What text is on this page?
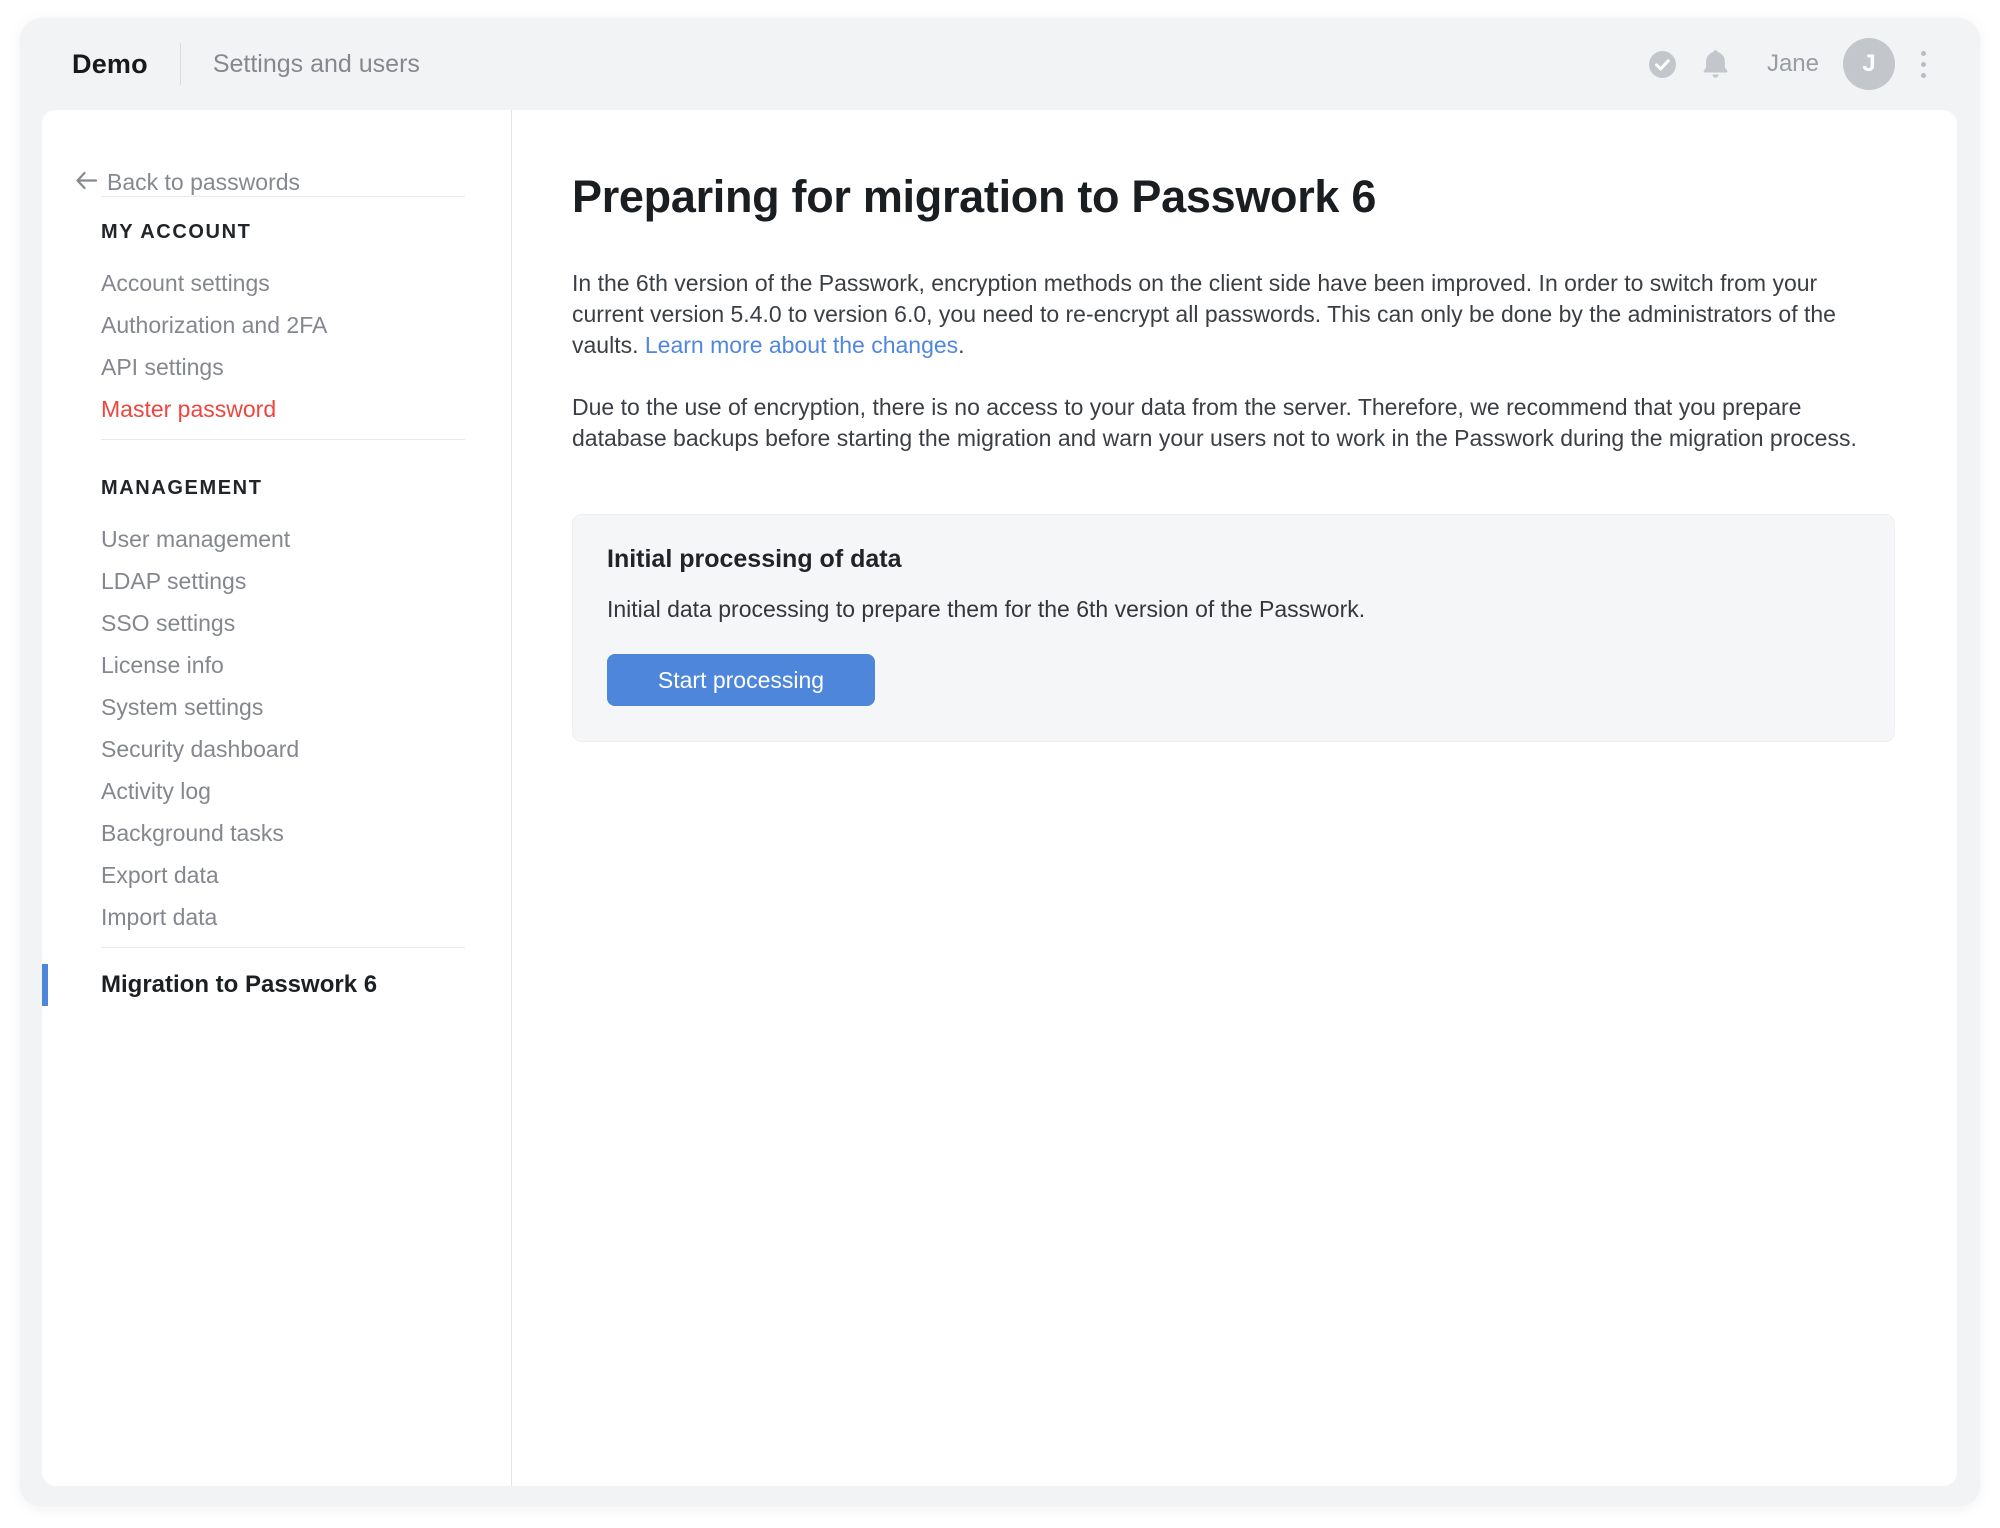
Demo	Settings and users	Jane J
Back to passwords
MY ACCOUNT
Account settings
Authorization and 2FA
API settings
Master password
MANAGEMENT
User management
LDAP settings
SSO settings
License info
System settings
Security dashboard
Activity log
Background tasks
Export data
Import data
Migration to Passwork 6
Preparing for migration to Passwork 6

In the 6th version of the Passwork, encryption methods on the client side have been improved. In order to switch from your current version 5.4.0 to version 6.0, you need to re-encrypt all passwords. This can only be done by the administrators of the vaults. Learn more about the changes.

Due to the use of encryption, there is no access to your data from the server. Therefore, we recommend that you prepare database backups before starting the migration and warn your users not to work in the Passwork during the migration process.

Initial processing of data

Initial data processing to prepare them for the 6th version of the Passwork.

Start processing
